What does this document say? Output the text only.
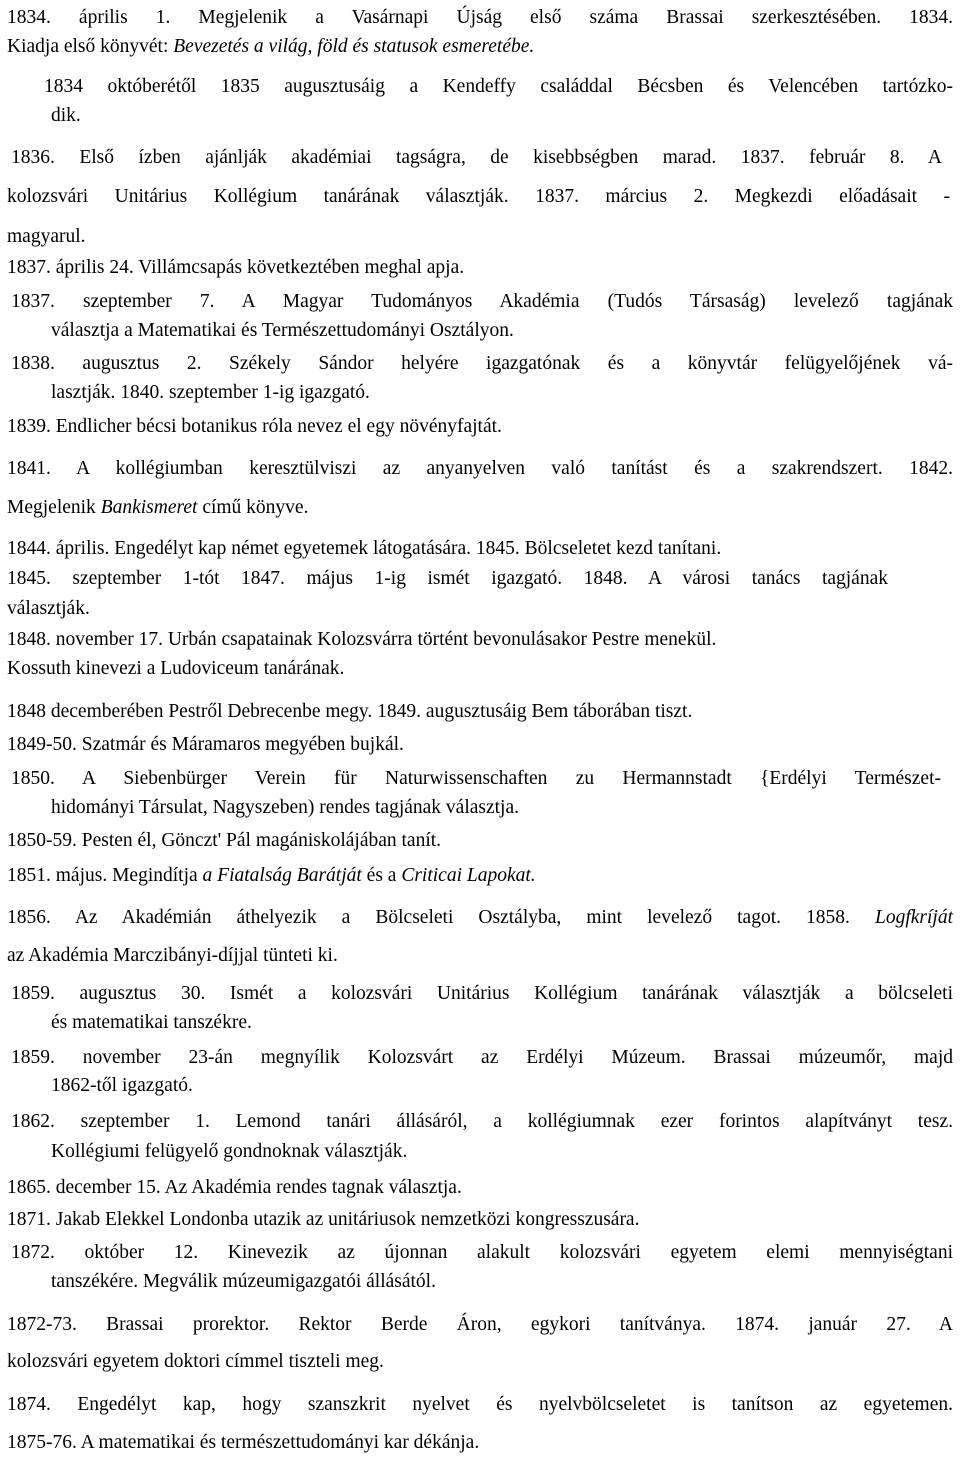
1834. április 1. Megjelenik a Vasárnapi Újság első száma Brassai szerkesztésében. 1834.
Kiadja első könyvét: Bevezetés a világ, föld és statusok esmeretébe.
1834 októberétől 1835 augusztusáig a Kendeffy családdal Bécsben és Velencében tartózko-
dik.
1836. Első ízben ajánlják akadémiai tagságra, de kisebbségben marad. 1837. február 8. A
kolozsvári Unitárius Kollégium tanárának választják. 1837. március 2. Megkezdi előadásait -
magyarul.
1837. április 24. Villámcsapás következtében meghal apja.
1837. szeptember 7. A Magyar Tudományos Akadémia (Tudós Társaság) levelező tagjának
választja a Matematikai és Természettudományi Osztályon.
1838. augusztus 2. Székely Sándor helyére igazgatónak és a könyvtár felügyelőjének vá-
lasztják. 1840. szeptember 1-ig igazgató.
1839. Endlicher bécsi botanikus róla nevez el egy növényfajtát.
1841. A kollégiumban keresztülviszi az anyanyelven való tanítást és a szakrendszert. 1842.
Megjelenik Bankismeret című könyve.
1844. április. Engedélyt kap német egyetemek látogatására. 1845. Bölcseletet kezd tanítani.
1845. szeptember 1-tót 1847. május 1-ig ismét igazgató. 1848. A városi tanács tagjának
választják.
1848. november 17. Urbán csapatainak Kolozsvárra történt bevonulásakor Pestre menekül.
Kossuth kinevezi a Ludoviceum tanárának.
1848 decemberében Pestről Debrecenbe megy. 1849. augusztusáig Bem táborában tiszt.
1849-50. Szatmár és Máramaros megyében bujkál.
1850. A Siebenbürger Verein für Naturwissenschaften zu Hermannstadt {Erdélyi Természet-
hidományi Társulat, Nagyszeben) rendes tagjának választja.
1850-59. Pesten él, Gönczt' Pál magániskolájában tanít.
1851. május. Megindítja a Fiatalság Barátját és a Criticai Lapokat.
1856. Az Akadémián áthelyezik a Bölcseleti Osztályba, mint levelező tagot. 1858. Logfkríját
az Akadémia Marczibányi-díjjal tünteti ki.
1859. augusztus 30. Ismét a kolozsvári Unitárius Kollégium tanárának választják a bölcseleti
és matematikai tanszékre.
1859. november 23-án megnyílik Kolozsvárt az Erdélyi Múzeum. Brassai múzeumőr, majd
1862-től igazgató.
1862. szeptember 1. Lemond tanári állásáról, a kollégiumnak ezer forintos alapítványt tesz.
Kollégiumi felügyelő gondnoknak választják.
1865. december 15. Az Akadémia rendes tagnak választja.
1871. Jakab Elekkel Londonba utazik az unitáriusok nemzetközi kongresszusára.
1872. október 12. Kinevezik az újonnan alakult kolozsvári egyetem elemi mennyiségtani
tanszékére. Megválik múzeumigazgatói állásától.
1872-73. Brassai prorektor. Rektor Berde Áron, egykori tanítványa. 1874. január 27. A
kolozsvári egyetem doktori címmel tiszteli meg.
1874. Engedélyt kap, hogy szanszkrit nyelvet és nyelvbölcseletet is tanítson az egyetemen.
1875-76. A matematikai és természettudományi kar dékánja.
